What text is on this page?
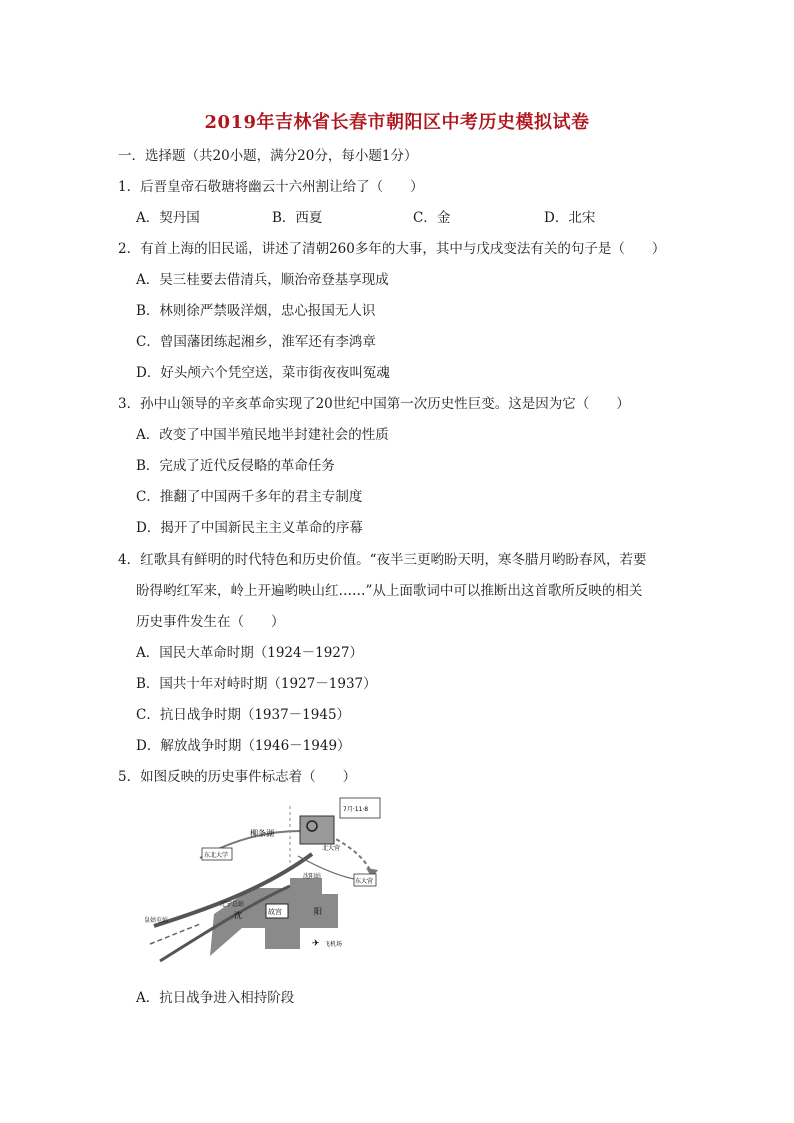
2019年吉林省长春市朝阳区中考历史模拟试卷
一．选择题（共20小题，满分20分，每小题1分）
1．后晋皇帝石敬瑭将幽云十六州割让给了（　　）
A．契丹国	B．西夏	C．金	D．北宋
2．有首上海的旧民谣，讲述了清朝260多年的大事，其中与戊戌变法有关的句子是（　　）
A．吴三桂要去借清兵，顺治帝登基享现成
B．林则徐严禁吸洋烟，忠心报国无人识
C．曾国藩团练起湘乡，淮军还有李鸿章
D．好头颅六个凭空送，菜市街夜夜叫冤魂
3．孙中山领导的辛亥革命实现了20世纪中国第一次历史性巨变。这是因为它（　　）
A．改变了中国半殖民地半封建社会的性质
B．完成了近代反侵略的革命任务
C．推翻了中国两千多年的君主专制度
D．揭开了中国新民主主义革命的序幕
4．红歌具有鲜明的时代特色和历史价值。“夜半三更哟盼天明，寒冬腊月哟盼春风，若要
盼得哟红军来，岭上开遍哟映山红……”从上面歌词中可以推断出这首歌所反映的相关
历史事件发生在（　　）
A．国民大革命时期（1924－1927）
B．国共十年对峙时期（1927－1937）
C．抗日战争时期（1937－1945）
D．解放战争时期（1946－1949）
5．如图反映的历史事件标志着（　　）
7月·11·8
东大营
东北大学
故宫
柳条湖
北大营
沈阳站
皇姑屯站
辽宁总站
沈	阳
✈ 飞机场
A．抗日战争进入相持阶段
